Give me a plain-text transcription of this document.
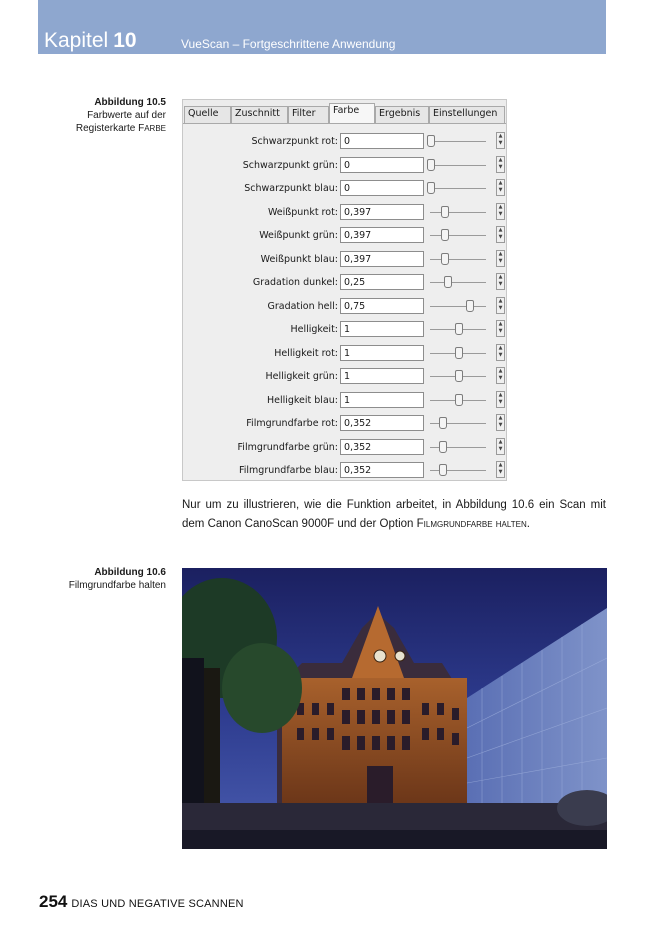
Kapitel 10	VueScan – Fortgeschrittene Anwendung
Abbildung 10.5
Farbwerte auf der
Registerkarte FARBE
Quelle	Zuschnitt	Filter	Farbe	Ergebnis	Einstellungen
Schwarzpunkt rot: 0	▲
▼
Schwarzpunkt grün: 0	▲
▼
Schwarzpunkt blau: 0	▲
▼
Weißpunkt rot: 0,397	▲
▼
Weißpunkt grün: 0,397	▲
▼
Weißpunkt blau: 0,397	▲
▼
Gradation dunkel: 0,25	▲
▼
Gradation hell: 0,75	▲
▼
Helligkeit: 1	▲
▼
Helligkeit rot: 1	▲
▼
Helligkeit grün: 1	▲
▼
Helligkeit blau: 1	▲
▼
Filmgrundfarbe rot: 0,352	▲
▼
Filmgrundfarbe grün: 0,352	▲
▼
Filmgrundfarbe blau: 0,352	▲
▼
Nur um zu illustrieren, wie die Funktion arbeitet, in Abbildung 10.6 ein Scan mit dem Canon CanoScan 9000F und der Option FILMGRUNDFARBE HALTEN.
Abbildung 10.6
Filmgrundfarbe halten
254 DIAS UND NEGATIVE SCANNEN
